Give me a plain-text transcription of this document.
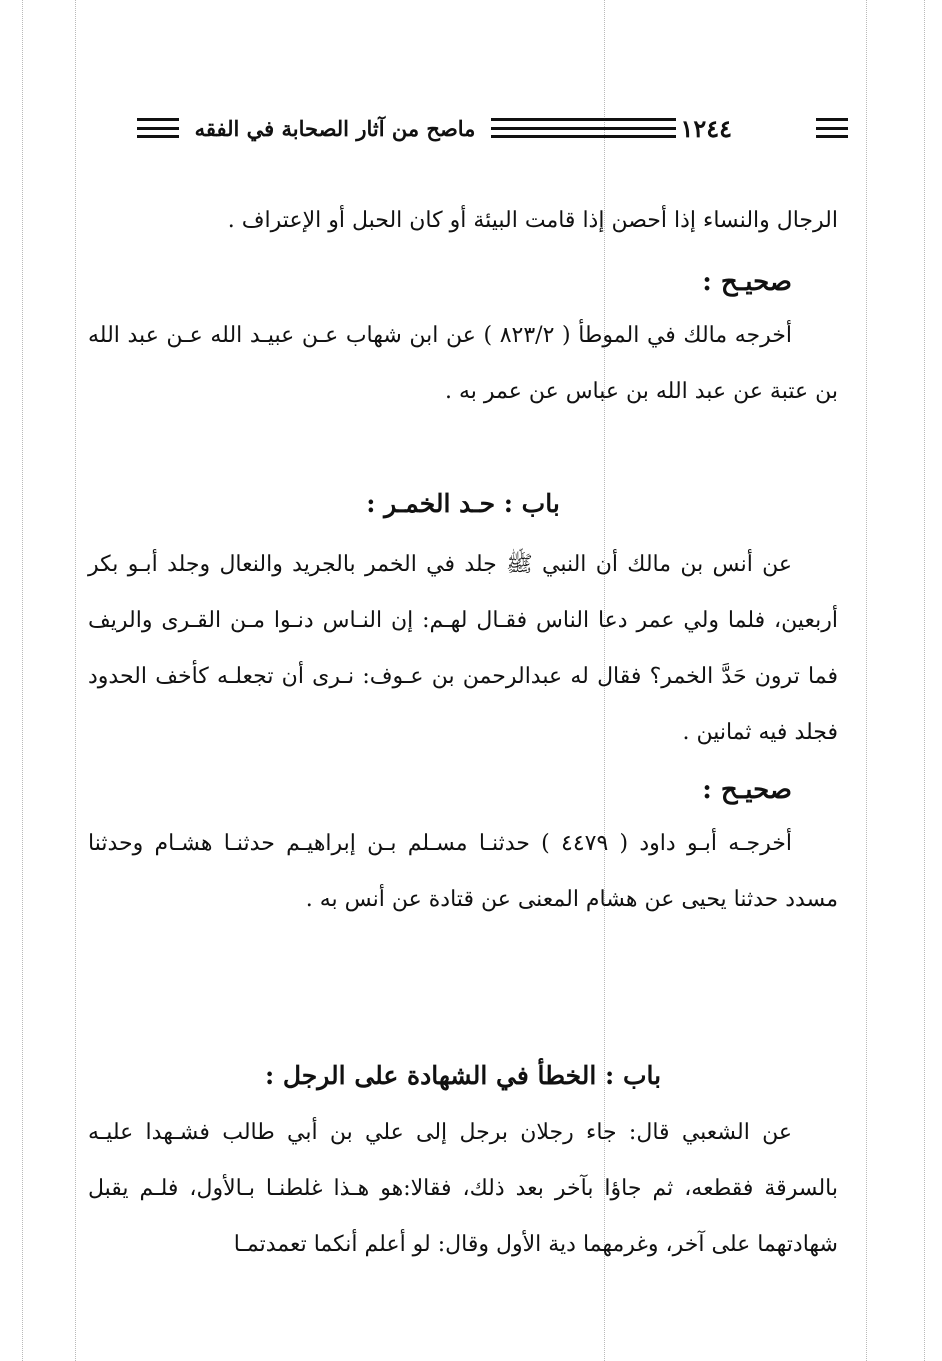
١٢٤٤
ماصح من آثار الصحابة في الفقه

الرجال والنساء إذا أحصن إذا قامت البيئة أو كان الحبل أو الإعتراف .

صحيـح :

أخرجه مالك في الموطأ ( ٨٢٣/٢ ) عن ابن شهاب عـن عبيـد الله عـن عبد الله بن عتبة عن عبد الله بن عباس عن عمر به .

باب : حـد الخمـر :

عن أنس بن مالك أن النبي ﷺ جلد في الخمر بالجريد والنعال وجلد أبـو بكر أربعين، فلما ولي عمر دعا الناس فقـال لهـم: إن النـاس دنـوا مـن القـرى والريف فما ترون حَدَّ الخمر؟ فقال له عبدالرحمن بن عـوف: نـرى أن تجعلـه كأخف الحدود فجلد فيه ثمانين .

صحيـح :

أخرجـه أبـو داود ( ٤٤٧٩ ) حدثنـا مسـلم بـن إبراهيـم حدثنـا هشـام وحدثنا مسدد حدثنا يحيى عن هشام المعنى عن قتادة عن أنس به .

باب : الخطأ في الشهادة على الرجل :

عن الشعبي قال: جاء رجلان برجل إلى علي بن أبي طالب فشـهدا عليـه بالسرقة فقطعه، ثم جاؤا بآخر بعد ذلك، فقالا:هو هـذا غلطنـا بـالأول، فلـم يقبل شهادتهما على آخر، وغرمهما دية الأول وقال: لو أعلم أنكما تعمدتمـا
